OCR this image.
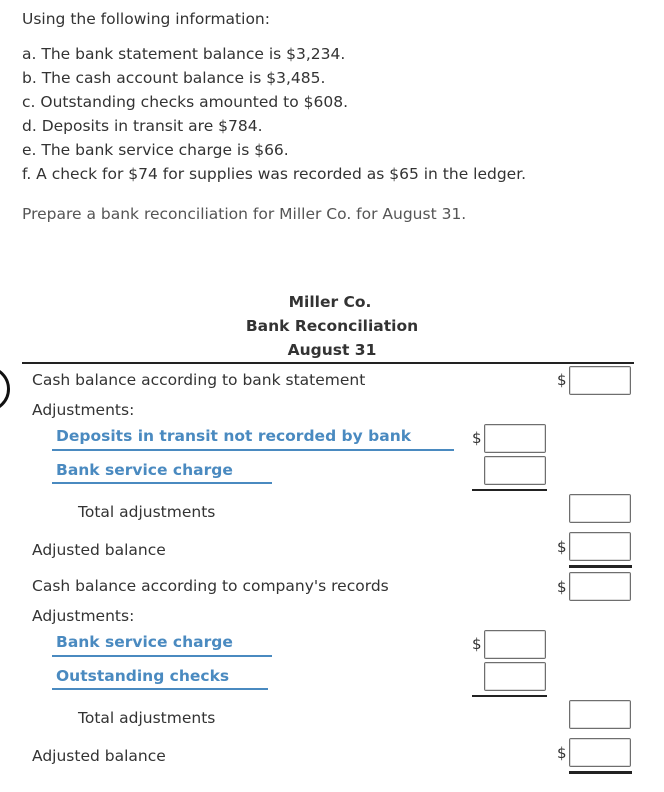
Using the following information:
a. The bank statement balance is $3,234.
b. The cash account balance is $3,485.
c. Outstanding checks amounted to $608.
d. Deposits in transit are $784.
e. The bank service charge is $66.
f. A check for $74 for supplies was recorded as $65 in the ledger.
Prepare a bank reconciliation for Miller Co. for August 31.
Miller Co.
Bank Reconciliation
August 31
Cash balance according to bank statement	$
Adjustments:
Deposits in transit not recorded by bank	$
Bank service charge
Total adjustments
Adjusted balance	$
Cash balance according to company's records	$
Adjustments:
Bank service charge	$
Outstanding checks
Total adjustments
Adjusted balance	$
